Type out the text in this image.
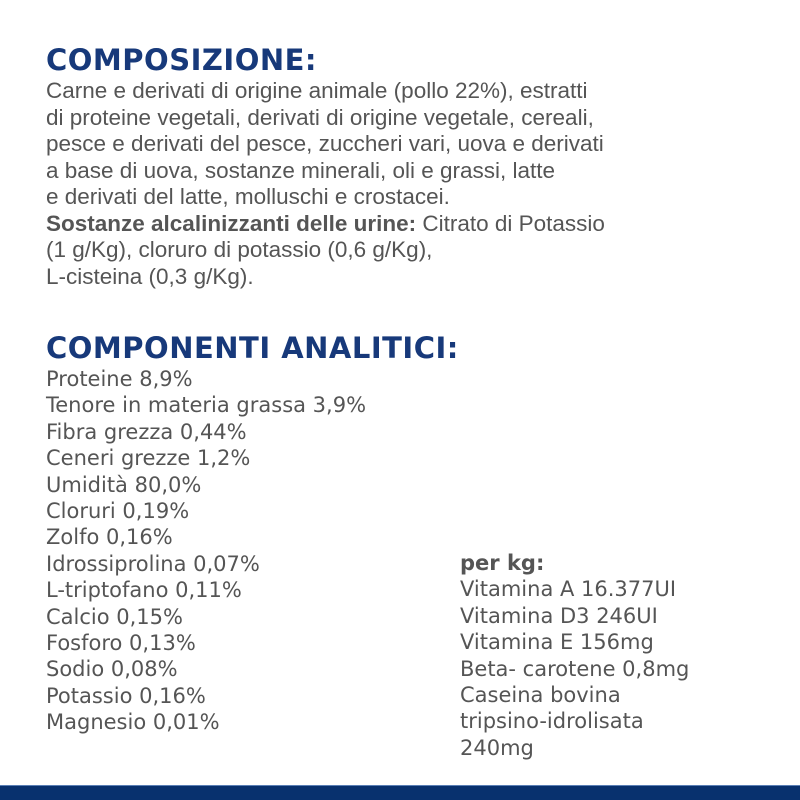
COMPOSIZIONE:
Carne e derivati di origine animale (pollo 22%), estratti
di proteine vegetali, derivati di origine vegetale, cereali,
pesce e derivati del pesce, zuccheri vari, uova e derivati
a base di uova, sostanze minerali, oli e grassi, latte
e derivati del latte, molluschi e crostacei.
Sostanze alcalinizzanti delle urine: Citrato di Potassio
(1 g/Kg), cloruro di potassio (0,6 g/Kg),
L-cisteina (0,3 g/Kg).
COMPONENTI ANALITICI:
Proteine 8,9%
Tenore in materia grassa 3,9%
Fibra grezza 0,44%
Ceneri grezze 1,2%
Umidità 80,0%
Cloruri 0,19%
Zolfo 0,16%
Idrossiprolina 0,07%
L-triptofano 0,11%
Calcio 0,15%
Fosforo 0,13%
Sodio 0,08%
Potassio 0,16%
Magnesio 0,01%
per kg:
Vitamina A 16.377UI
Vitamina D3 246UI
Vitamina E 156mg
Beta- carotene 0,8mg
Caseina bovina
tripsino-idrolisata
240mg
